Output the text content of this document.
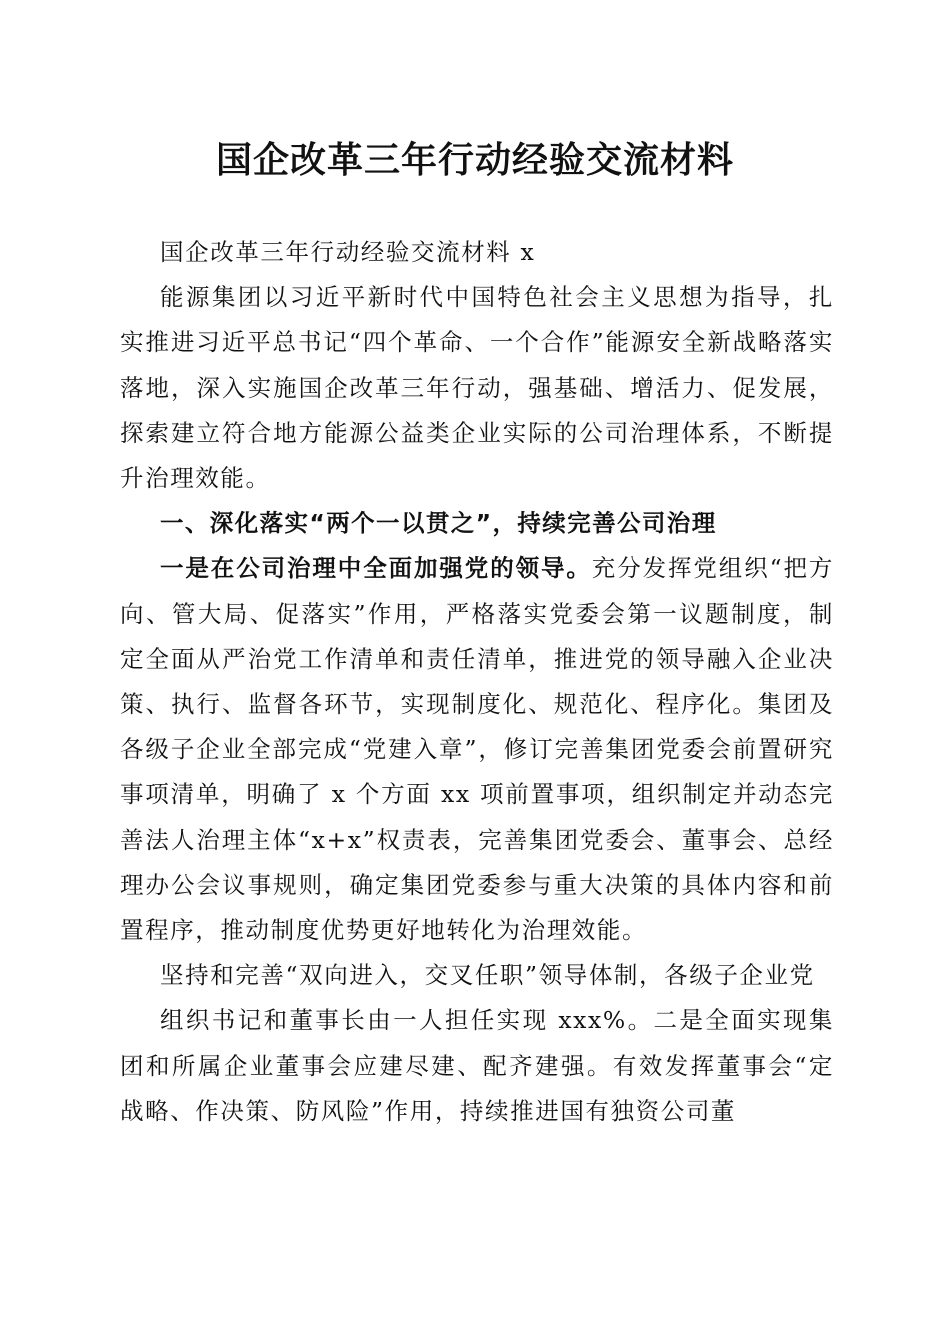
国企改革三年行动经验交流材料

国企改革三年行动经验交流材料 x

能源集团以习近平新时代中国特色社会主义思想为指导，扎实推进习近平总书记“四个革命、一个合作”能源安全新战略落实落地，深入实施国企改革三年行动，强基础、增活力、促发展，探索建立符合地方能源公益类企业实际的公司治理体系，不断提升治理效能。

一、深化落实“两个一以贯之”，持续完善公司治理

一是在公司治理中全面加强党的领导。充分发挥党组织“把方向、管大局、促落实”作用，严格落实党委会第一议题制度，制定全面从严治党工作清单和责任清单，推进党的领导融入企业决策、执行、监督各环节，实现制度化、规范化、程序化。集团及各级子企业全部完成“党建入章”，修订完善集团党委会前置研究事项清单，明确了 x 个方面 xx 项前置事项，组织制定并动态完善法人治理主体“x+x”权责表，完善集团党委会、董事会、总经理办公会议事规则，确定集团党委参与重大决策的具体内容和前置程序，推动制度优势更好地转化为治理效能。

坚持和完善“双向进入，交叉任职”领导体制，各级子企业党

组织书记和董事长由一人担任实现 xxx%。二是全面实现集团和所属企业董事会应建尽建、配齐建强。有效发挥董事会“定战略、作决策、防风险”作用，持续推进国有独资公司董
